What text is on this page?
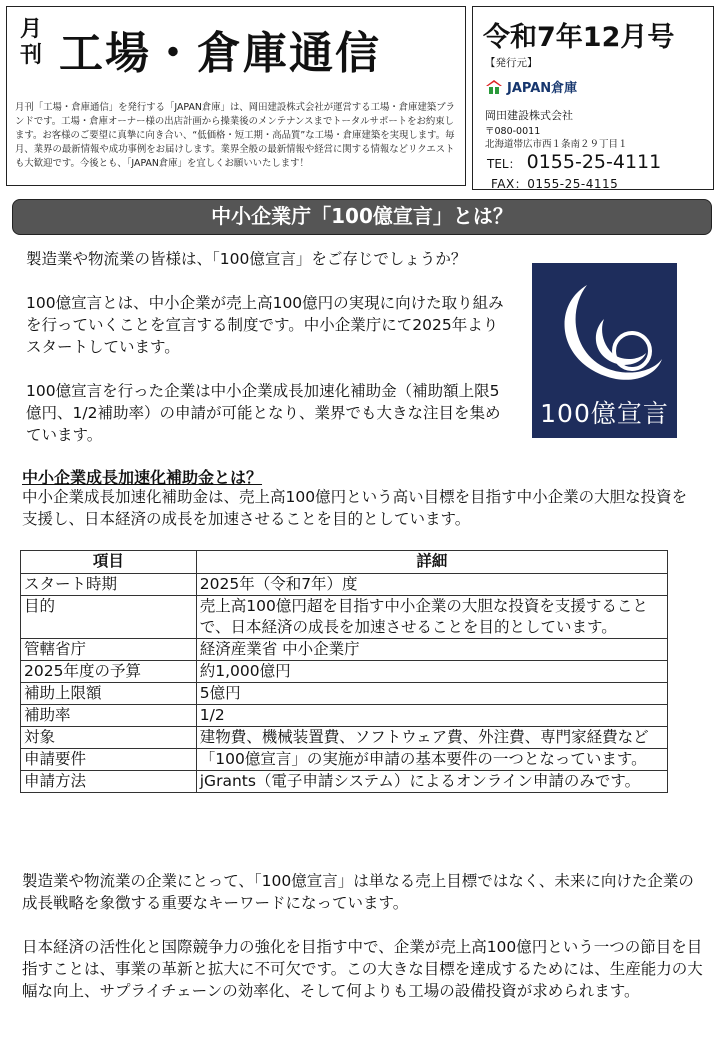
月刊 工場・倉庫通信
月刊「工場・倉庫通信」を発行する「JAPAN倉庫」は、岡田建設株式会社が運営する工場・倉庫建築ブランドです。工場・倉庫オーナー様の出店計画から操業後のメンテナンスまでトータルサポートをお約束します。お客様のご要望に真摯に向き合い、“低価格・短工期・高品質”な工場・倉庫建築を実現します。毎月、業界の最新情報や成功事例をお届けします。業界全般の最新情報や経営に関する情報などリクエストも大歓迎です。今後とも、「JAPAN倉庫」を宜しくお願いいたします！
令和7年12月号
【発行元】
JAPAN倉庫
岡田建設株式会社
〒080-0011
北海道帯広市西１条南２９丁目１
TEL： 0155-25-4111
FAX：0155-25-4115
中小企業庁「100億宣言」とは？
製造業や物流業の皆様は、「100億宣言」をご存じでしょうか？
100億宣言とは、中小企業が売上高100億円の実現に向けた取り組みを行っていくことを宣言する制度です。中小企業庁にて2025年よりスタートしています。
100億宣言を行った企業は中小企業成長加速化補助金（補助額上限5億円、1/2補助率）の申請が可能となり、業界でも大きな注目を集めています。
100億宣言
中小企業成長加速化補助金とは？
中小企業成長加速化補助金は、売上高100億円という高い目標を目指す中小企業の大胆な投資を支援し、日本経済の成長を加速させることを目的としています。
項目	詳細
スタート時期	2025年（令和7年）度
目的	売上高100億円超を目指す中小企業の大胆な投資を支援することで、日本経済の成長を加速させることを目的としています。
管轄省庁	経済産業省 中小企業庁
2025年度の予算	約1,000億円
補助上限額	5億円
補助率	1/2
対象	建物費、機械装置費、ソフトウェア費、外注費、専門家経費など
申請要件	「100億宣言」の実施が申請の基本要件の一つとなっています。
申請方法	jGrants（電子申請システム）によるオンライン申請のみです。
製造業や物流業の企業にとって、「100億宣言」は単なる売上目標ではなく、未来に向けた企業の成長戦略を象徴する重要なキーワードになっています。
日本経済の活性化と国際競争力の強化を目指す中で、企業が売上高100億円という一つの節目を目指すことは、事業の革新と拡大に不可欠です。この大きな目標を達成するためには、生産能力の大幅な向上、サプライチェーンの効率化、そして何よりも工場の設備投資が求められます。
